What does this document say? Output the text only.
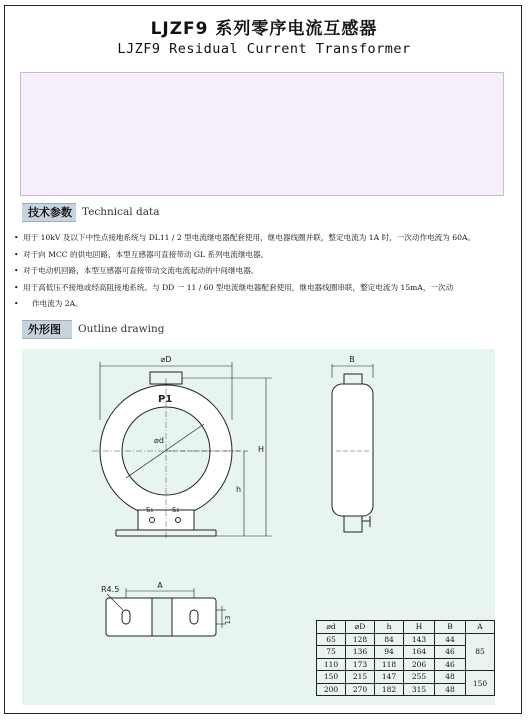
LJZF9 系列零序电流互感器
LJZF9 Residual Current Transformer
技术参数 Technical data
• 用于 10kV 及以下中性点接地系统与 DL11 / 2 型电流继电器配套使用，继电器线圈并联，整定电流为 1A 时，一次动作电流为 60A。
• 对于向 MCC 的供电回路，本型互感器可直接带动 GL 系列电流继电器。
• 对于电动机回路，本型互感器可直接带动交流电流起动的中间继电器。
• 用于高低压不接地或经高阻接地系统。与 DD 一 11 / 60 型电流继电器配套使用，继电器线圈串联，整定电流为 15mA，一次动
• 作电流为 2A。
外形图	Outline drawing
⌀D
⌀d
P1
S₁	S₂
H
h
B
A
R4.5
13
⌀d	⌀D	h	H	B	A
65	128	84	143	44	85
75	136	94	164	46	
110	173	118	206	46	
150	215	147	255	48	150
200	270	182	315	48	
